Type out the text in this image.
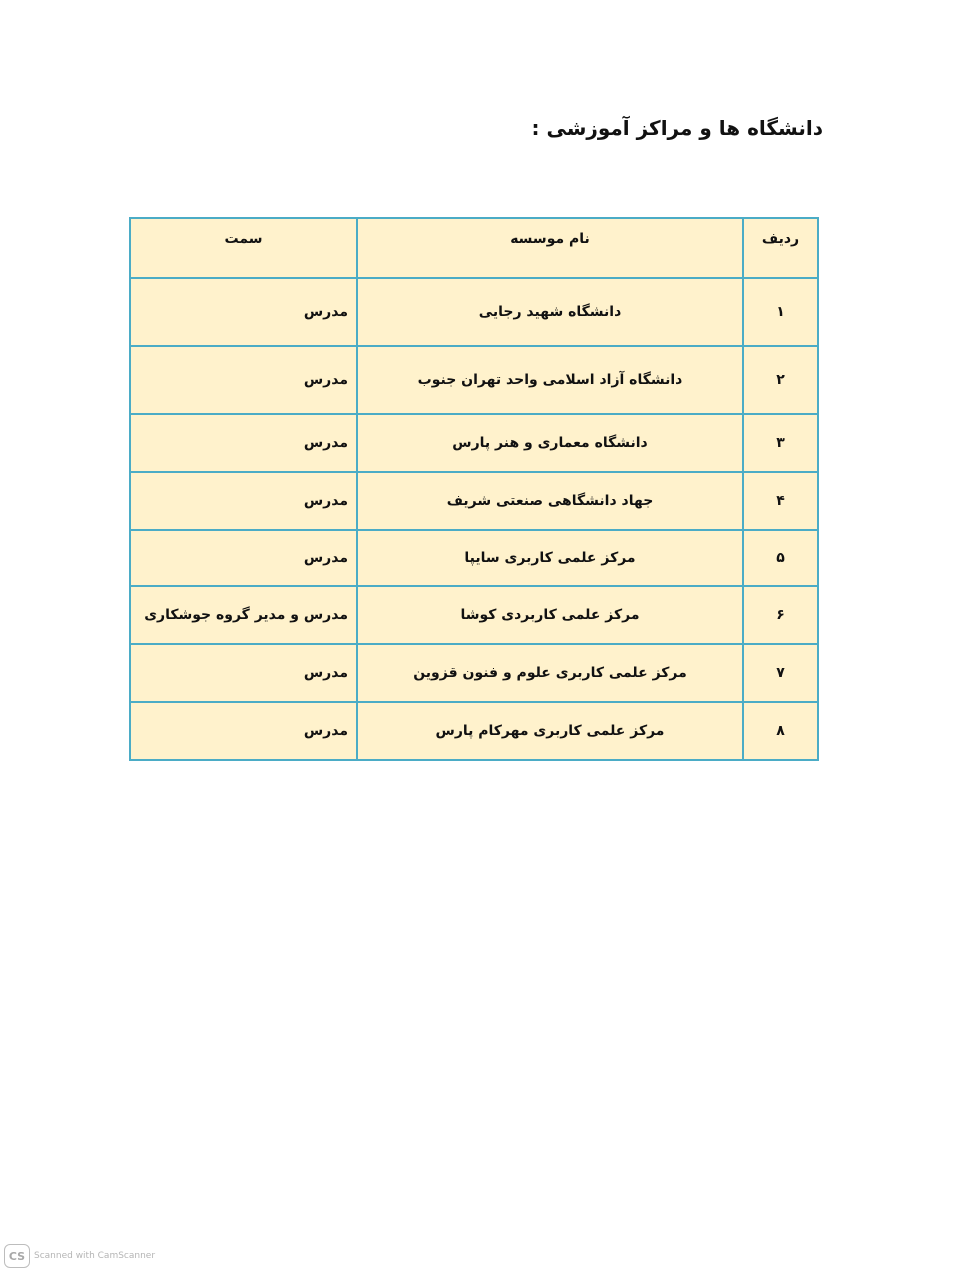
دانشگاه ها و مراکز آموزشی :
ردیف	نام موسسه	سمت
۱	دانشگاه شهید رجایی	مدرس
۲	دانشگاه آزاد اسلامی واحد تهران جنوب	مدرس
۳	دانشگاه معماری و هنر پارس	مدرس
۴	جهاد دانشگاهی صنعتی شریف	مدرس
۵	مرکز علمی کاربری سایپا	مدرس
۶	مرکز علمی کاربردی کوشا	مدرس و مدیر گروه جوشکاری
۷	مرکز علمی کاربری علوم و فنون قزوین	مدرس
۸	مرکز علمی کاربری مهرکام پارس	مدرس
CS Scanned with CamScanner
